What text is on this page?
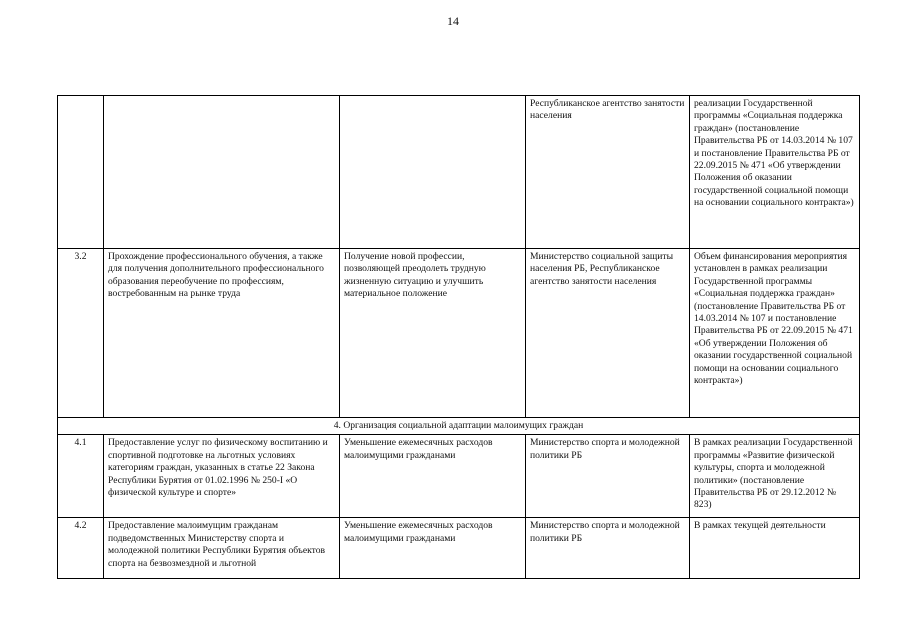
14
			Республиканское агентство занятости населения	реализации Государственной программы «Социальная поддержка граждан» (постановление Правительства РБ от 14.03.2014 № 107 и постановление Правительства РБ от 22.09.2015 № 471 «Об утверждении Положения об оказании государственной социальной помощи на основании социального контракта»)
3.2	Прохождение профессионального обучения, а также для получения дополнительного профессионального образования переобучение по профессиям, востребованным на рынке труда	Получение новой профессии, позволяющей преодолеть трудную жизненную ситуацию и улучшить материальное положение	Министерство социальной защиты населения РБ, Республиканское агентство занятости населения	Объем финансирования мероприятия установлен в рамках реализации Государственной программы «Социальная поддержка граждан» (постановление Правительства РБ от 14.03.2014 № 107 и постановление Правительства РБ от 22.09.2015 № 471 «Об утверждении Положения об оказании государственной социальной помощи на основании социального контракта»)
4. Организация социальной адаптации малоимущих граждан				
4.1	Предоставление услуг по физическому воспитанию и спортивной подготовке на льготных условиях категориям граждан, указанных в статье 22 Закона Республики Бурятия от 01.02.1996 № 250-I «О физической культуре и спорте»	Уменьшение ежемесячных расходов малоимущими гражданами	Министерство спорта и молодежной политики РБ	В рамках реализации Государственной программы «Развитие физической культуры, спорта и молодежной политики» (постановление Правительства РБ от 29.12.2012 № 823)
4.2	Предоставление малоимущим гражданам подведомственных Министерству спорта и молодежной политики Республики Бурятия объектов спорта на безвозмездной и льготной	Уменьшение ежемесячных расходов малоимущими гражданами	Министерство спорта и молодежной политики РБ	В рамках текущей деятельности
